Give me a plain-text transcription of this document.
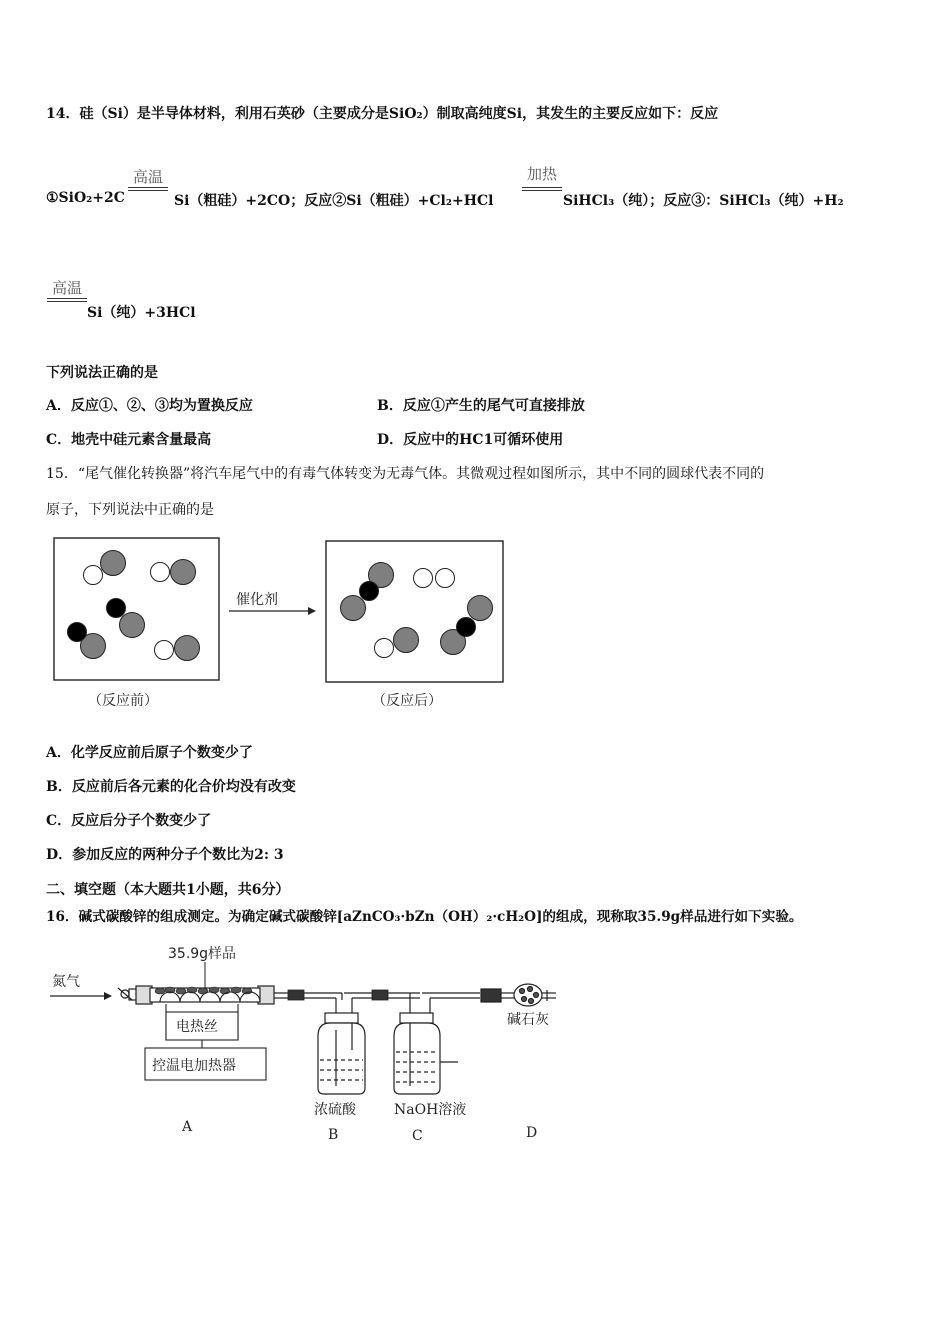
14．硅（Si）是半导体材料，利用石英砂（主要成分是SiO₂）制取高纯度Si，其发生的主要反应如下：反应
高温
①SiO₂+2C	Si（粗硅）+2CO；反应②Si（粗硅）+Cl₂+HCl
加热
SiHCl₃（纯）；反应③：SiHCl₃（纯）+H₂
高温
Si（纯）+3HCl
下列说法正确的是
A．反应①、②、③均为置换反应	B．反应①产生的尾气可直接排放
C．地壳中硅元素含量最高	D．反应中的HC1可循环使用
15．“尾气催化转换器”将汽车尾气中的有毒气体转变为无毒气体。其微观过程如图所示，其中不同的圆球代表不同的
原子，下列说法中正确的是
催化剂
（反应前）	（反应后）
A．化学反应前后原子个数变少了
B．反应前后各元素的化合价均没有改变
C．反应后分子个数变少了
D．参加反应的两种分子个数比为2: 3
二、填空题（本大题共1小题，共6分）
16．碱式碳酸锌的组成测定。为确定碱式碳酸锌[aZnCO₃·bZn（OH）₂·cH₂O]的组成，现称取35.9g样品进行如下实验。
氮气
35.9g样品
电热丝
控温电加热器
浓硫酸	NaOH溶液
碱石灰
A	B	C	D
